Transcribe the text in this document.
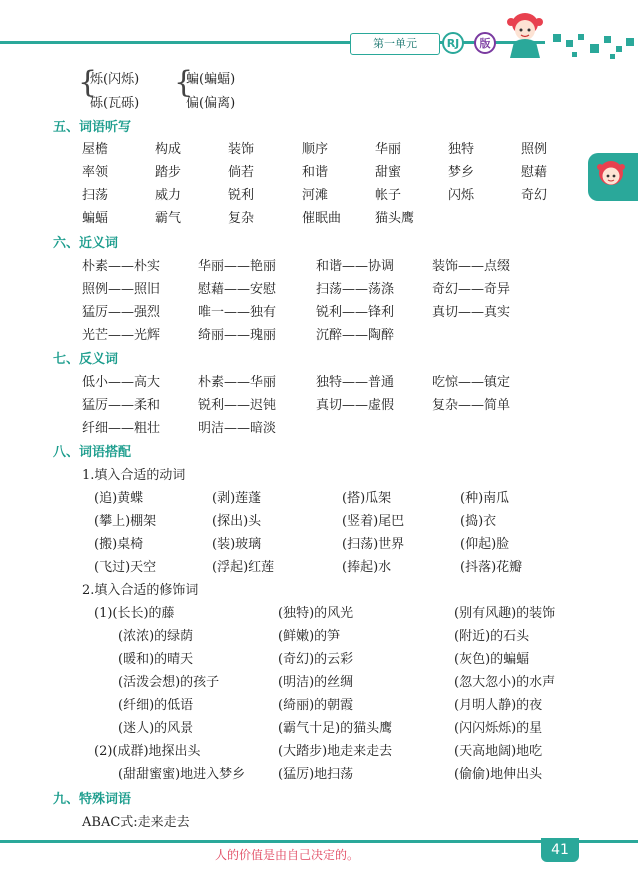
第一单元	RJ	版
{
烁(闪烁)
砾(瓦砾)
{
蝙(蝙蝠)
偏(偏离)
五、词语听写
屋檐	构成	装饰	顺序	华丽	独特	照例
率领	踏步	倘若	和谐	甜蜜	梦乡	慰藉
扫荡	威力	锐利	河滩	帐子	闪烁	奇幻
蝙蝠	霸气	复杂	催眠曲	猫头鹰
六、近义词
朴素——朴实	华丽——艳丽	和谐——协调	装饰——点缀
照例——照旧	慰藉——安慰	扫荡——荡涤	奇幻——奇异
猛厉——强烈	唯一——独有	锐利——锋利	真切——真实
光芒——光辉	绮丽——瑰丽	沉醉——陶醉
七、反义词
低小——高大	朴素——华丽	独特——普通	吃惊——镇定
猛厉——柔和	锐利——迟钝	真切——虚假	复杂——简单
纤细——粗壮	明洁——暗淡
八、词语搭配
1.填入合适的动词
(追)黄蝶	(剥)莲蓬	(搭)瓜架	(种)南瓜
(攀上)棚架	(探出)头	(竖着)尾巴	(捣)衣
(搬)桌椅	(装)玻璃	(扫荡)世界	(仰起)脸
(飞过)天空	(浮起)红莲	(捧起)水	(抖落)花瓣
2.填入合适的修饰词
(1)(长长)的藤	(独特)的风光	(别有风趣)的装饰
(浓浓)的绿荫	(鲜嫩)的笋	(附近)的石头
(暖和)的晴天	(奇幻)的云彩	(灰色)的蝙蝠
(活泼会想)的孩子	(明洁)的丝绸	(忽大忽小)的水声
(纤细)的低语	(绮丽)的朝霞	(月明人静)的夜
(迷人)的风景	(霸气十足)的猫头鹰	(闪闪烁烁)的星
(2)(成群)地探出头	(大踏步)地走来走去	(天高地阔)地吃
(甜甜蜜蜜)地进入梦乡	(猛厉)地扫荡	(偷偷)地伸出头
九、特殊词语
ABAC式:走来走去
人的价值是由自己决定的。	41
